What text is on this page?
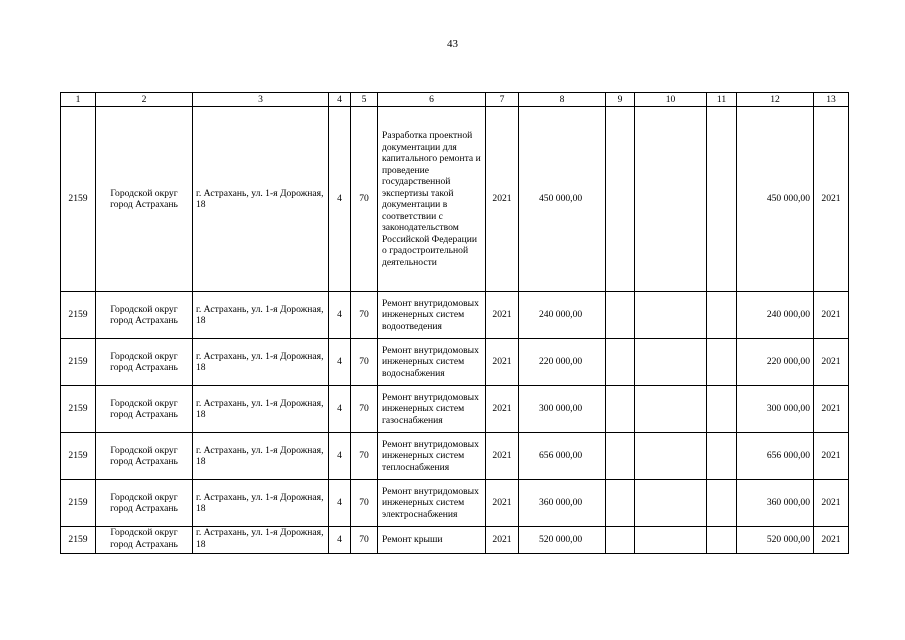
43
1	2	3	4	5	6	7	8	9	10	11	12	13
2159	Городской округ город Астрахань	г. Астрахань, ул. 1-я Дорожная, 18	4	70	Разработка проектной документации для капитального ремонта и проведение государственной экспертизы такой документации в соответствии с законодательством Российской Федерации о градостроительной деятельности	2021	450 000,00				450 000,00	2021
2159	Городской округ город Астрахань	г. Астрахань, ул. 1-я Дорожная, 18	4	70	Ремонт внутридомовых инженерных систем водоотведения	2021	240 000,00				240 000,00	2021
2159	Городской округ город Астрахань	г. Астрахань, ул. 1-я Дорожная, 18	4	70	Ремонт внутридомовых инженерных систем водоснабжения	2021	220 000,00				220 000,00	2021
2159	Городской округ город Астрахань	г. Астрахань, ул. 1-я Дорожная, 18	4	70	Ремонт внутридомовых инженерных систем газоснабжения	2021	300 000,00				300 000,00	2021
2159	Городской округ город Астрахань	г. Астрахань, ул. 1-я Дорожная, 18	4	70	Ремонт внутридомовых инженерных систем теплоснабжения	2021	656 000,00				656 000,00	2021
2159	Городской округ город Астрахань	г. Астрахань, ул. 1-я Дорожная, 18	4	70	Ремонт внутридомовых инженерных систем электроснабжения	2021	360 000,00				360 000,00	2021
2159	Городской округ город Астрахань	г. Астрахань, ул. 1-я Дорожная, 18	4	70	Ремонт крыши	2021	520 000,00				520 000,00	2021
